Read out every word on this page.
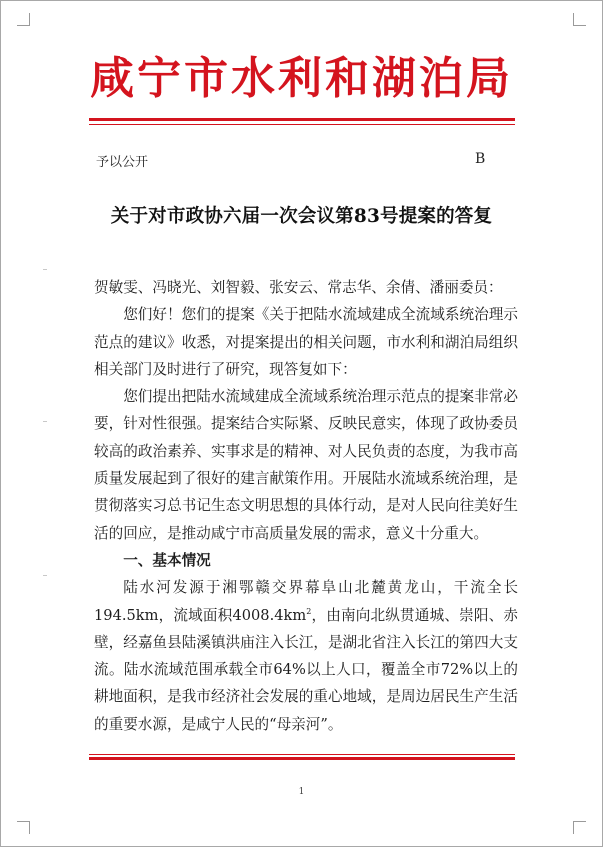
咸宁市水利和湖泊局
予以公开	B
关于对市政协六届一次会议第83号提案的答复

贺敏雯、冯晓光、刘智毅、张安云、常志华、余倩、潘丽委员：

您们好！您们的提案《关于把陆水流域建成全流域系统治理示范点的建议》收悉，对提案提出的相关问题，市水利和湖泊局组织相关部门及时进行了研究，现答复如下：

您们提出把陆水流域建成全流域系统治理示范点的提案非常必要，针对性很强。提案结合实际紧、反映民意实，体现了政协委员较高的政治素养、实事求是的精神、对人民负责的态度，为我市高质量发展起到了很好的建言献策作用。开展陆水流域系统治理，是贯彻落实习总书记生态文明思想的具体行动，是对人民向往美好生活的回应，是推动咸宁市高质量发展的需求，意义十分重大。

一、基本情况

陆水河发源于湘鄂赣交界幕阜山北麓黄龙山，干流全长194.5km，流域面积$4008.4km^2$，由南向北纵贯通城、崇阳、赤壁，经嘉鱼县陆溪镇洪庙注入长江，是湖北省注入长江的第四大支流。陆水流域范围承载全市64%以上人口，覆盖全市72%以上的耕地面积，是我市经济社会发展的重心地域，是周边居民生产生活的重要水源，是咸宁人民的“母亲河”。

1
